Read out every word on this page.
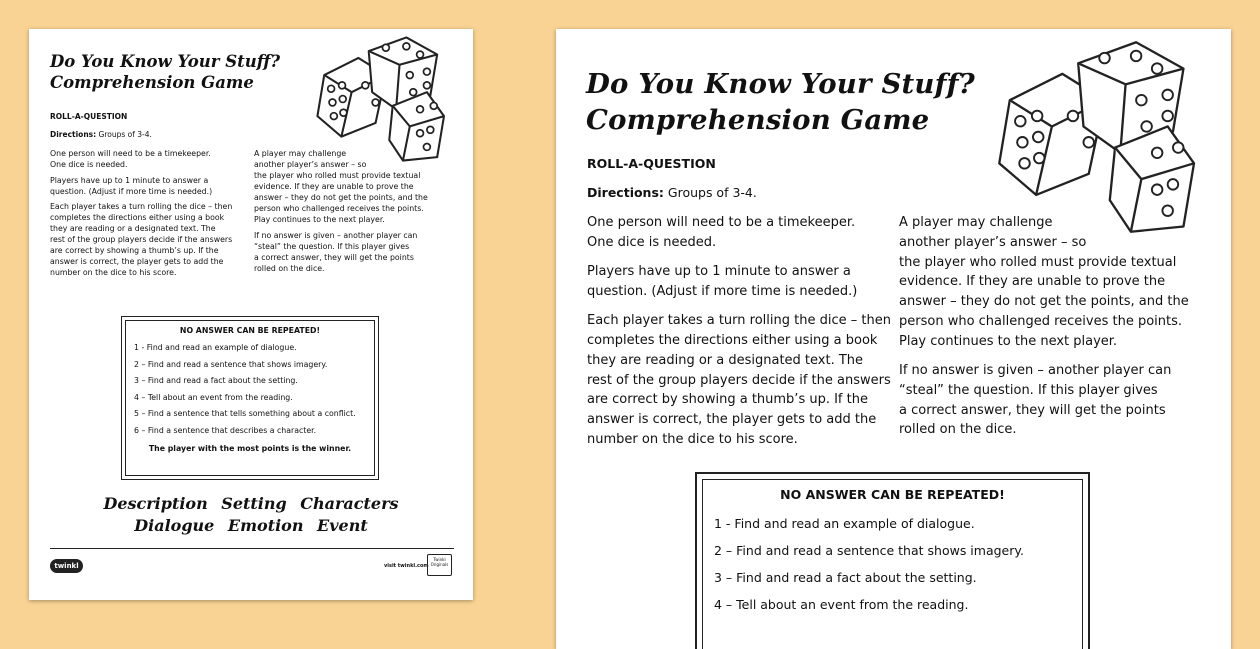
Do You Know Your Stuff?
Comprehension Game
ROLL-A-QUESTION
Directions: Groups of 3-4.

One person will need to be a timekeeper.
One dice is needed.

Players have up to 1 minute to answer a
question. (Adjust if more time is needed.)

Each player takes a turn rolling the dice – then
completes the directions either using a book
they are reading or a designated text. The
rest of the group players decide if the answers
are correct by showing a thumb’s up. If the
answer is correct, the player gets to add the
number on the dice to his score.

A player may challenge
another player’s answer – so
the player who rolled must provide textual
evidence. If they are unable to prove the
answer – they do not get the points, and the
person who challenged receives the points.
Play continues to the next player.

If no answer is given – another player can
“steal” the question. If this player gives
a correct answer, they will get the points
rolled on the dice.

NO ANSWER CAN BE REPEATED!
1 - Find and read an example of dialogue.
2 – Find and read a sentence that shows imagery.
3 – Find and read a fact about the setting.
4 – Tell about an event from the reading.
5 – Find a sentence that tells something about a conflict.
6 – Find a sentence that describes a character.
The player with the most points is the winner.
Description Setting Characters
Dialogue Emotion Event
twinkl	visit twinkl.com
Twinkl Originals
Do You Know Your Stuff?
Comprehension Game
ROLL-A-QUESTION
Directions: Groups of 3-4.

One person will need to be a timekeeper.
One dice is needed.

Players have up to 1 minute to answer a
question. (Adjust if more time is needed.)

Each player takes a turn rolling the dice – then
completes the directions either using a book
they are reading or a designated text. The
rest of the group players decide if the answers
are correct by showing a thumb’s up. If the
answer is correct, the player gets to add the
number on the dice to his score.

A player may challenge
another player’s answer – so
the player who rolled must provide textual
evidence. If they are unable to prove the
answer – they do not get the points, and the
person who challenged receives the points.
Play continues to the next player.

If no answer is given – another player can
“steal” the question. If this player gives
a correct answer, they will get the points
rolled on the dice.

NO ANSWER CAN BE REPEATED!
1 - Find and read an example of dialogue.
2 – Find and read a sentence that shows imagery.
3 – Find and read a fact about the setting.
4 – Tell about an event from the reading.
